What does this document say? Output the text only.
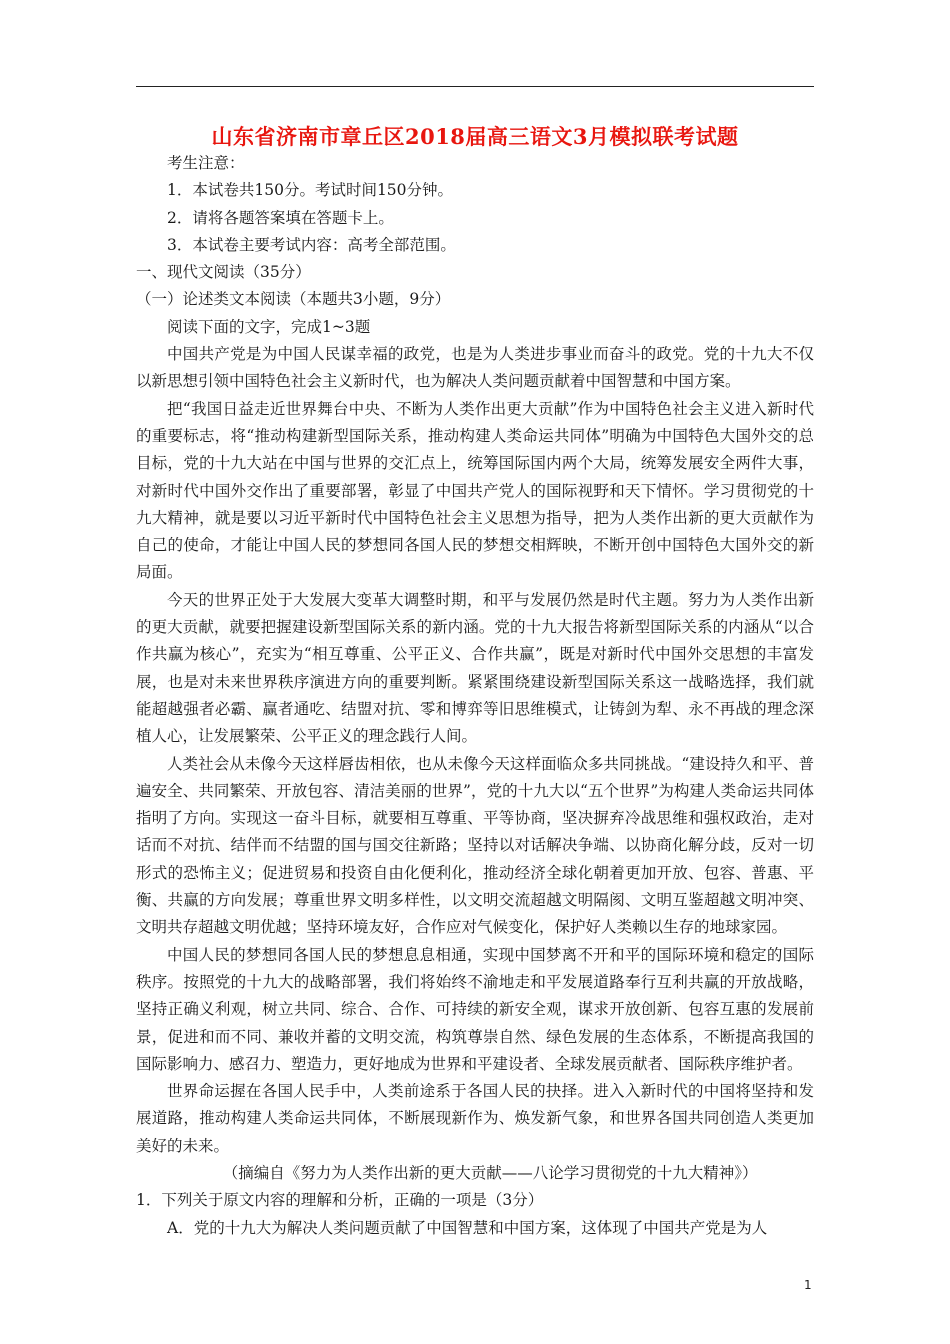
山东省济南市章丘区2018届高三语文3月模拟联考试题

考生注意：

1．本试卷共150分。考试时间150分钟。

2．请将各题答案填在答题卡上。

3．本试卷主要考试内容：高考全部范围。

一、现代文阅读（35分）

（一）论述类文本阅读（本题共3小题，9分）

阅读下面的文字，完成1~3题

中国共产党是为中国人民谋幸福的政党，也是为人类进步事业而奋斗的政党。党的十九大不仅以新思想引领中国特色社会主义新时代，也为解决人类问题贡献着中国智慧和中国方案。

把“我国日益走近世界舞台中央、不断为人类作出更大贡献”作为中国特色社会主义进入新时代的重要标志，将“推动构建新型国际关系，推动构建人类命运共同体”明确为中国特色大国外交的总目标，党的十九大站在中国与世界的交汇点上，统筹国际国内两个大局，统筹发展安全两件大事，对新时代中国外交作出了重要部署，彰显了中国共产党人的国际视野和天下情怀。学习贯彻党的十九大精神，就是要以习近平新时代中国特色社会主义思想为指导，把为人类作出新的更大贡献作为自己的使命，才能让中国人民的梦想同各国人民的梦想交相辉映，不断开创中国特色大国外交的新局面。

今天的世界正处于大发展大变革大调整时期，和平与发展仍然是时代主题。努力为人类作出新的更大贡献，就要把握建设新型国际关系的新内涵。党的十九大报告将新型国际关系的内涵从“以合作共赢为核心”，充实为“相互尊重、公平正义、合作共赢”，既是对新时代中国外交思想的丰富发展，也是对未来世界秩序演进方向的重要判断。紧紧围绕建设新型国际关系这一战略选择，我们就能超越强者必霸、赢者通吃、结盟对抗、零和博弈等旧思维模式，让铸剑为犁、永不再战的理念深植人心，让发展繁荣、公平正义的理念践行人间。

人类社会从未像今天这样唇齿相依，也从未像今天这样面临众多共同挑战。“建设持久和平、普遍安全、共同繁荣、开放包容、清洁美丽的世界”，党的十九大以“五个世界”为构建人类命运共同体指明了方向。实现这一奋斗目标，就要相互尊重、平等协商，坚决摒弃冷战思维和强权政治，走对话而不对抗、结伴而不结盟的国与国交往新路；坚持以对话解决争端、以协商化解分歧，反对一切形式的恐怖主义；促进贸易和投资自由化便利化，推动经济全球化朝着更加开放、包容、普惠、平衡、共赢的方向发展；尊重世界文明多样性，以文明交流超越文明隔阂、文明互鉴超越文明冲突、文明共存超越文明优越；坚持环境友好，合作应对气候变化，保护好人类赖以生存的地球家园。

中国人民的梦想同各国人民的梦想息息相通，实现中国梦离不开和平的国际环境和稳定的国际秩序。按照党的十九大的战略部署，我们将始终不渝地走和平发展道路奉行互利共赢的开放战略，坚持正确义利观，树立共同、综合、合作、可持续的新安全观，谋求开放创新、包容互惠的发展前景，促进和而不同、兼收并蓄的文明交流，构筑尊崇自然、绿色发展的生态体系，不断提高我国的国际影响力、感召力、塑造力，更好地成为世界和平建设者、全球发展贡献者、国际秩序维护者。

世界命运握在各国人民手中，人类前途系于各国人民的抉择。进入入新时代的中国将坚持和发展道路，推动构建人类命运共同体，不断展现新作为、焕发新气象，和世界各国共同创造人类更加美好的未来。

（摘编自《努力为人类作出新的更大贡献——八论学习贯彻党的十九大精神》）

1．下列关于原文内容的理解和分析，正确的一项是（3分）

A．党的十九大为解决人类问题贡献了中国智慧和中国方案，这体现了中国共产党是为人

1
